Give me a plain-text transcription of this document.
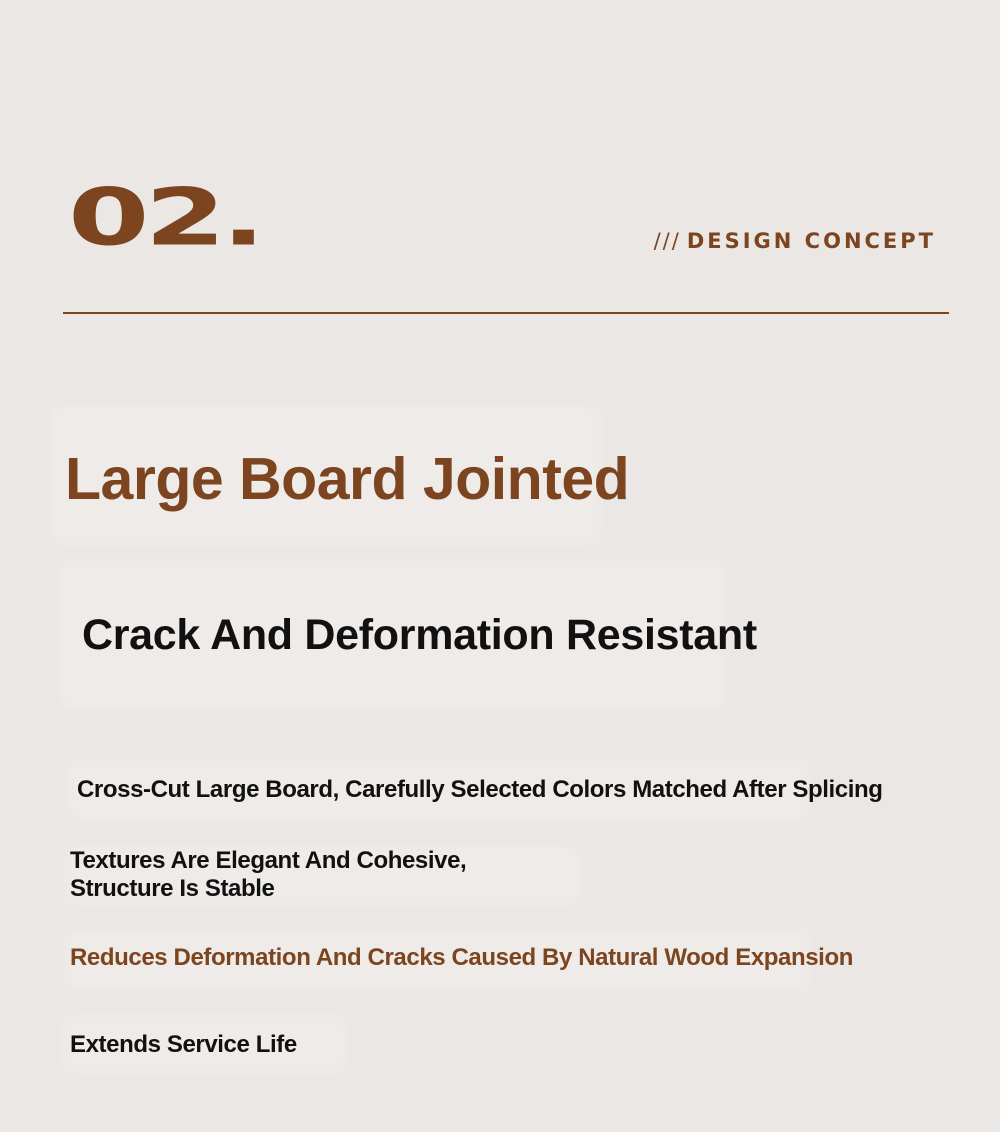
02.	/// DESIGN CONCEPT
Large Board Jointed
Crack And Deformation Resistant
Cross-Cut Large Board, Carefully Selected Colors Matched After Splicing
Textures Are Elegant And Cohesive,
Structure Is Stable
Reduces Deformation And Cracks Caused By Natural Wood Expansion
Extends Service Life
